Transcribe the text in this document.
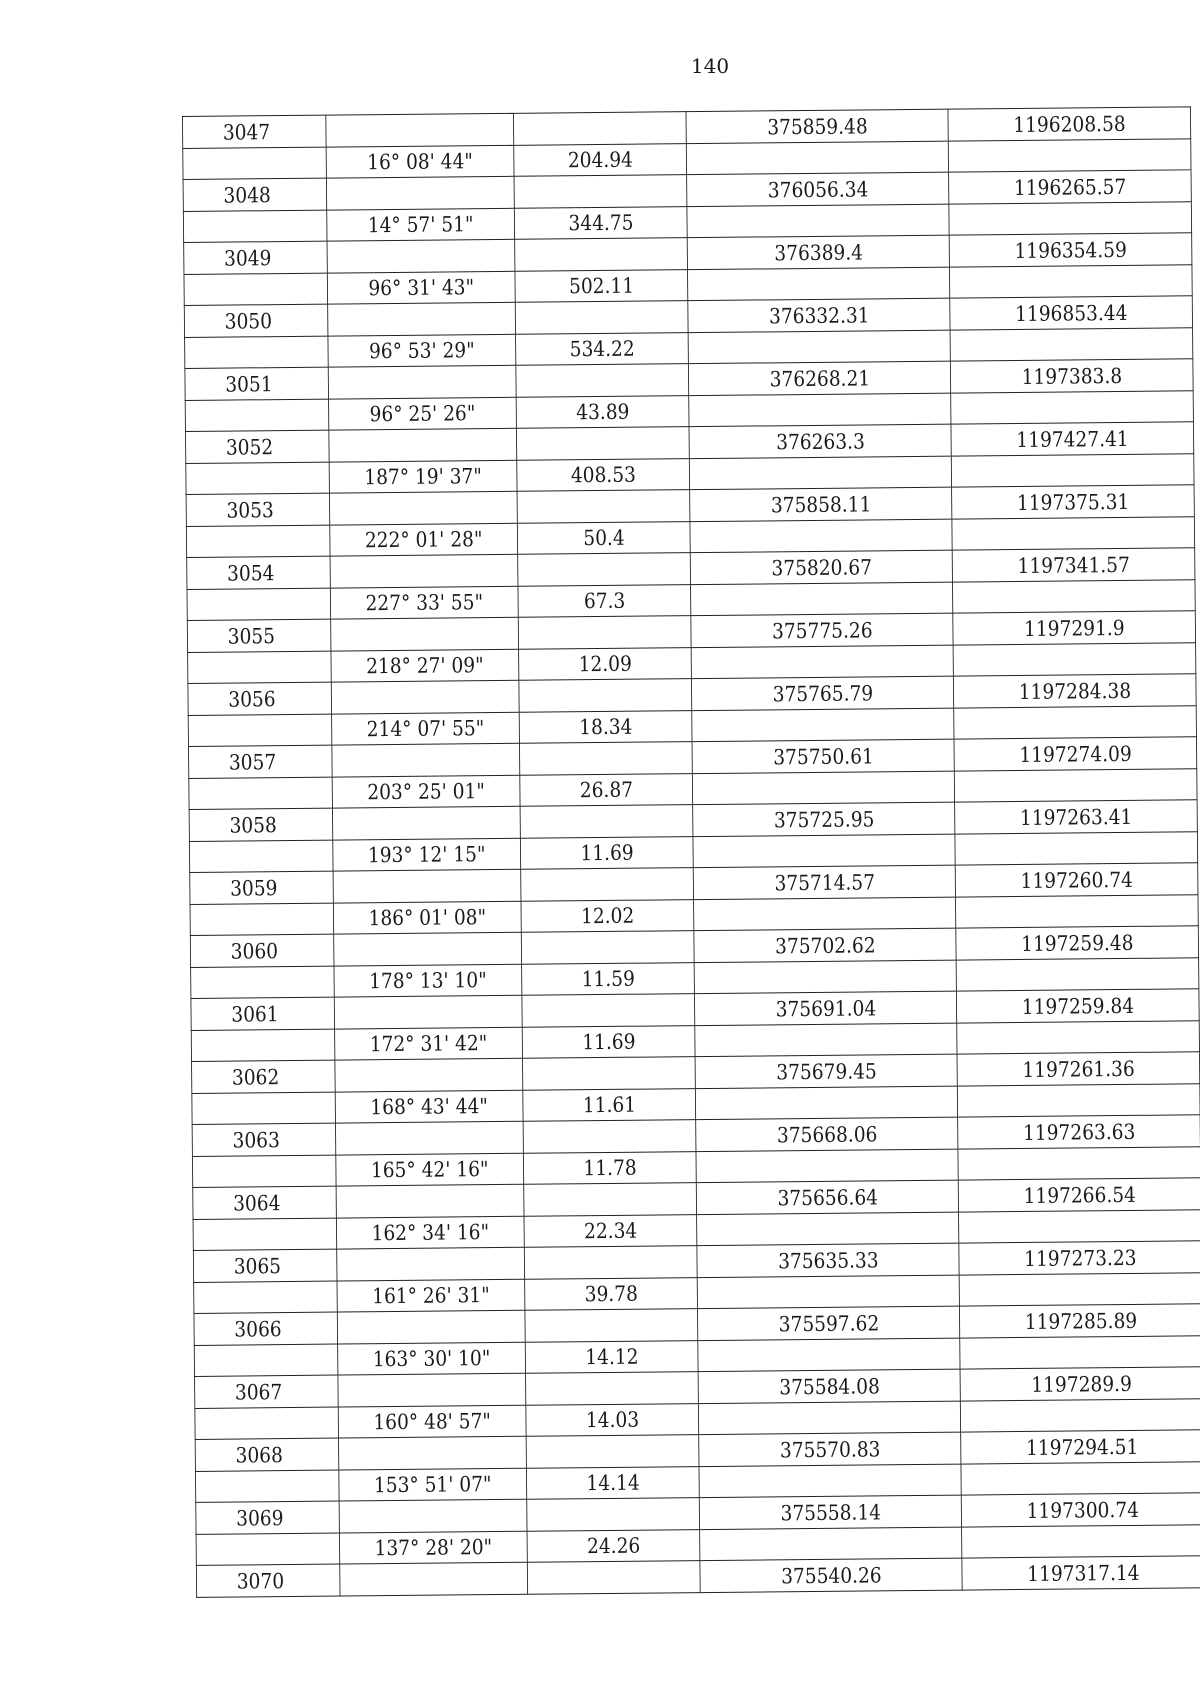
140
3047			375859.48	1196208.58
	16° 08' 44"	204.94		
3048			376056.34	1196265.57
	14° 57' 51"	344.75		
3049			376389.4	1196354.59
	96° 31' 43"	502.11		
3050			376332.31	1196853.44
	96° 53' 29"	534.22		
3051			376268.21	1197383.8
	96° 25' 26"	43.89		
3052			376263.3	1197427.41
	187° 19' 37"	408.53		
3053			375858.11	1197375.31
	222° 01' 28"	50.4		
3054			375820.67	1197341.57
	227° 33' 55"	67.3		
3055			375775.26	1197291.9
	218° 27' 09"	12.09		
3056			375765.79	1197284.38
	214° 07' 55"	18.34		
3057			375750.61	1197274.09
	203° 25' 01"	26.87		
3058			375725.95	1197263.41
	193° 12' 15"	11.69		
3059			375714.57	1197260.74
	186° 01' 08"	12.02		
3060			375702.62	1197259.48
	178° 13' 10"	11.59		
3061			375691.04	1197259.84
	172° 31' 42"	11.69		
3062			375679.45	1197261.36
	168° 43' 44"	11.61		
3063			375668.06	1197263.63
	165° 42' 16"	11.78		
3064			375656.64	1197266.54
	162° 34' 16"	22.34		
3065			375635.33	1197273.23
	161° 26' 31"	39.78		
3066			375597.62	1197285.89
	163° 30' 10"	14.12		
3067			375584.08	1197289.9
	160° 48' 57"	14.03		
3068			375570.83	1197294.51
	153° 51' 07"	14.14		
3069			375558.14	1197300.74
	137° 28' 20"	24.26		
3070			375540.26	1197317.14
